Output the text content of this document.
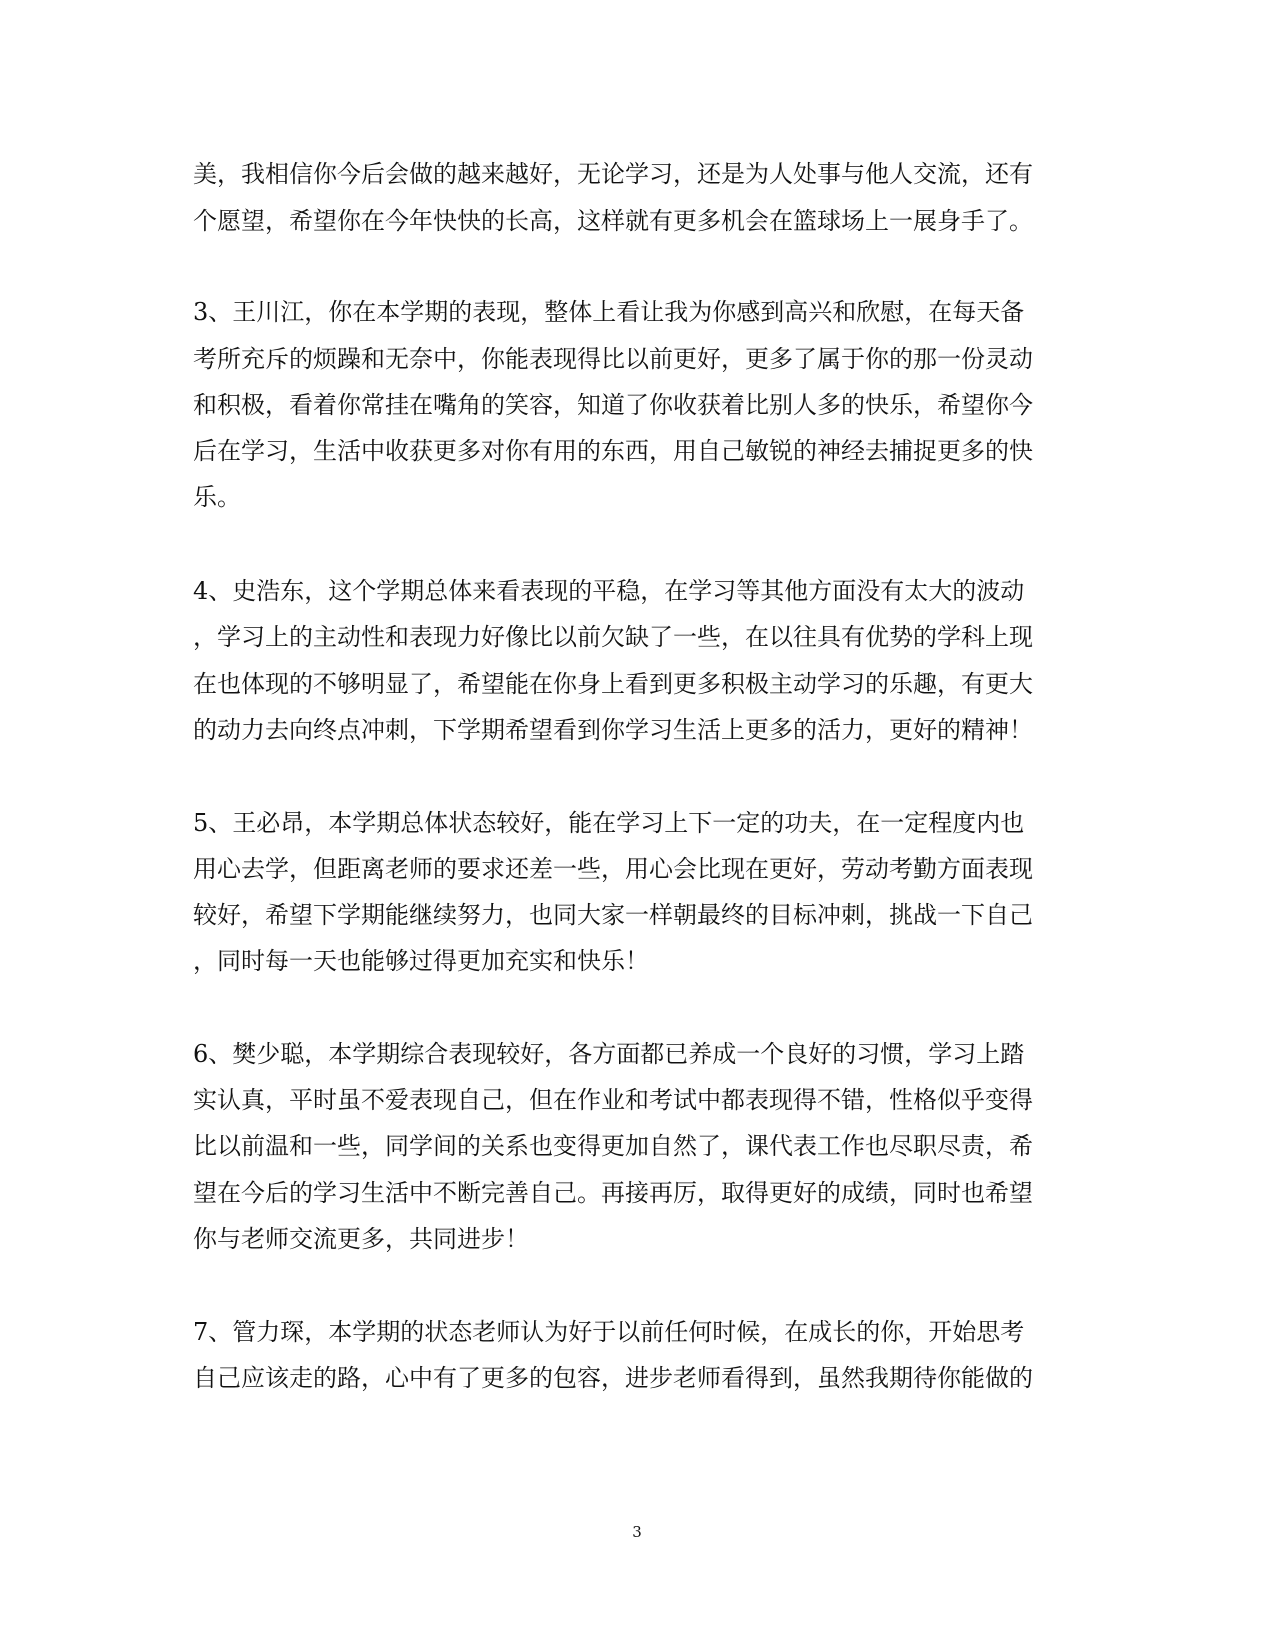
美，我相信你今后会做的越来越好，无论学习，还是为人处事与他人交流，还有
个愿望，希望你在今年快快的长高，这样就有更多机会在篮球场上一展身手了。
3、王川江，你在本学期的表现，整体上看让我为你感到高兴和欣慰，在每天备
考所充斥的烦躁和无奈中，你能表现得比以前更好，更多了属于你的那一份灵动
和积极，看着你常挂在嘴角的笑容，知道了你收获着比别人多的快乐，希望你今
后在学习，生活中收获更多对你有用的东西，用自己敏锐的神经去捕捉更多的快
乐。
4、史浩东，这个学期总体来看表现的平稳，在学习等其他方面没有太大的波动
，学习上的主动性和表现力好像比以前欠缺了一些，在以往具有优势的学科上现
在也体现的不够明显了，希望能在你身上看到更多积极主动学习的乐趣，有更大
的动力去向终点冲刺，下学期希望看到你学习生活上更多的活力，更好的精神！
5、王必昂，本学期总体状态较好，能在学习上下一定的功夫，在一定程度内也
用心去学，但距离老师的要求还差一些，用心会比现在更好，劳动考勤方面表现
较好，希望下学期能继续努力，也同大家一样朝最终的目标冲刺，挑战一下自己
，同时每一天也能够过得更加充实和快乐！
6、樊少聪，本学期综合表现较好，各方面都已养成一个良好的习惯，学习上踏
实认真，平时虽不爱表现自己，但在作业和考试中都表现得不错，性格似乎变得
比以前温和一些，同学间的关系也变得更加自然了，课代表工作也尽职尽责，希
望在今后的学习生活中不断完善自己。再接再厉，取得更好的成绩，同时也希望
你与老师交流更多，共同进步！
7、管力琛，本学期的状态老师认为好于以前任何时候，在成长的你，开始思考
自己应该走的路，心中有了更多的包容，进步老师看得到，虽然我期待你能做的
3
